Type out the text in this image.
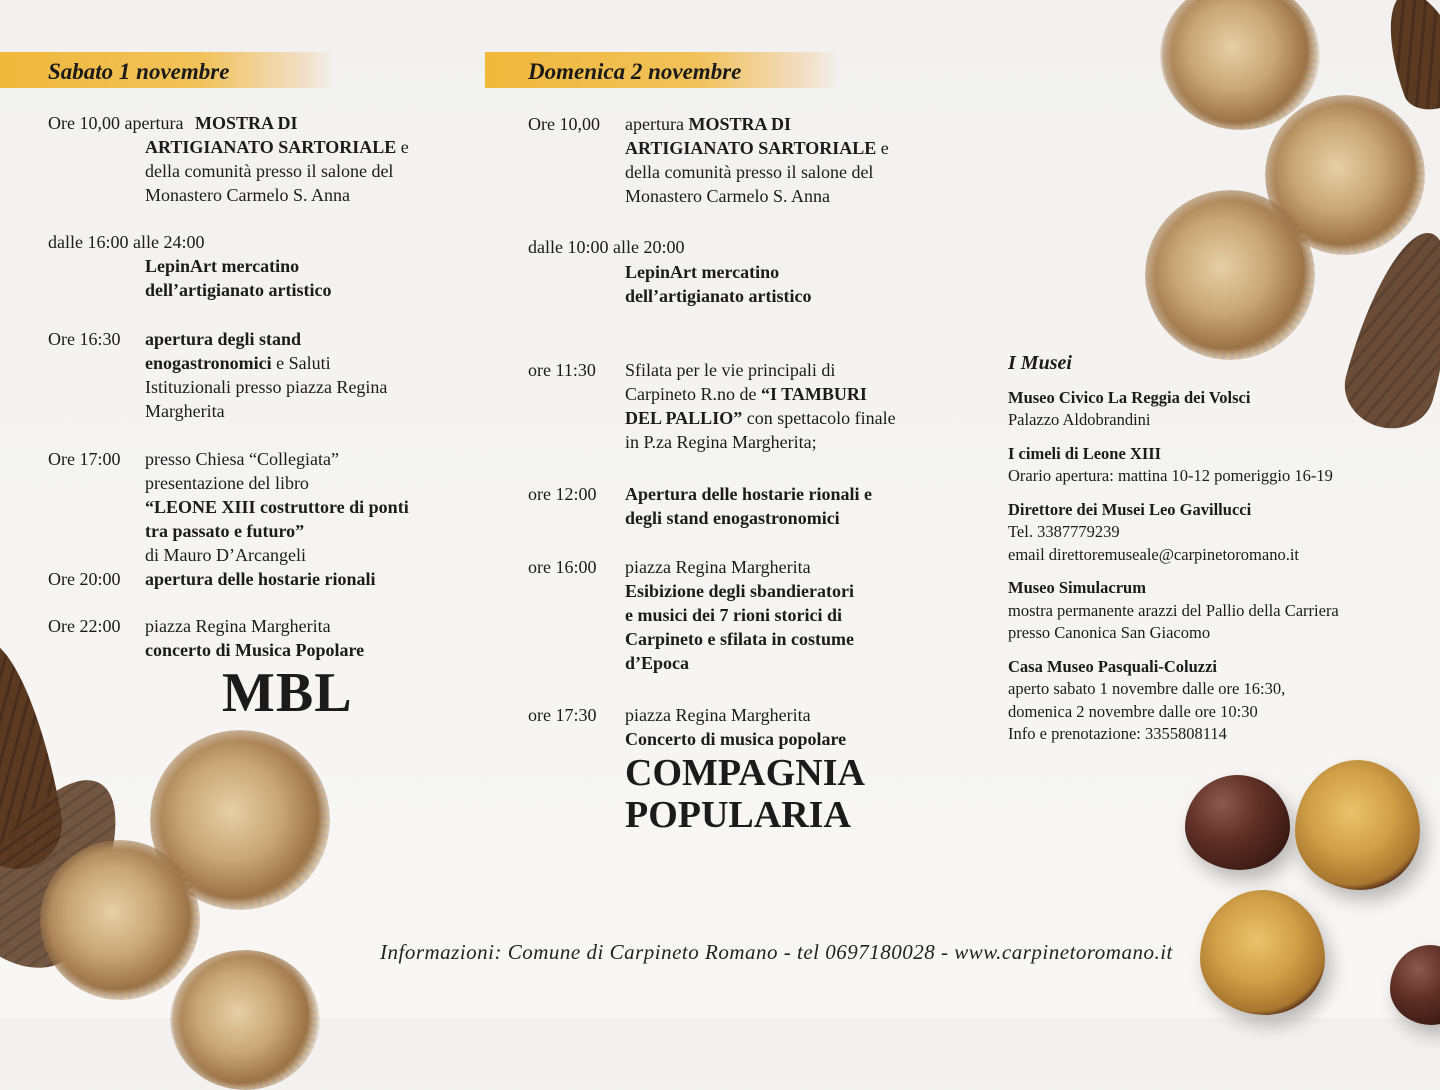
Sabato 1 novembre
Ore 10,00 apertura MOSTRA DI
ARTIGIANATO SARTORIALE e
della comunità presso il salone del
Monastero Carmelo S. Anna
dalle 16:00 alle 24:00
LepinArt mercatino
dell’artigianato artistico
Ore 16:30 apertura degli stand
enogastronomici e Saluti
Istituzionali presso piazza Regina
Margherita
Ore 17:00 presso Chiesa “Collegiata”
presentazione del libro
“LEONE XIII costruttore di ponti
tra passato e futuro”
di Mauro D’Arcangeli
Ore 20:00 apertura delle hostarie rionali
Ore 22:00 piazza Regina Margherita
concerto di Musica Popolare
MBL
Domenica 2 novembre
Ore 10,00 apertura MOSTRA DI
ARTIGIANATO SARTORIALE e
della comunità presso il salone del
Monastero Carmelo S. Anna
dalle 10:00 alle 20:00
LepinArt mercatino
dell’artigianato artistico
ore 11:30 Sfilata per le vie principali di
Carpineto R.no de “I TAMBURI
DEL PALLIO” con spettacolo finale
in P.za Regina Margherita;
ore 12:00 Apertura delle hostarie rionali e
degli stand enogastronomici
ore 16:00 piazza Regina Margherita
Esibizione degli sbandieratori
e musici dei 7 rioni storici di
Carpineto e sfilata in costume
d’Epoca
ore 17:30 piazza Regina Margherita
Concerto di musica popolare
COMPAGNIA
POPULARIA
I Musei
Museo Civico La Reggia dei Volsci
Palazzo Aldobrandini
I cimeli di Leone XIII
Orario apertura: mattina 10-12 pomeriggio 16-19
Direttore dei Musei Leo Gavillucci
Tel. 3387779239
email direttoremuseale@carpinetoromano.it
Museo Simulacrum
mostra permanente arazzi del Pallio della Carriera
presso Canonica San Giacomo
Casa Museo Pasquali-Coluzzi
aperto sabato 1 novembre dalle ore 16:30,
domenica 2 novembre dalle ore 10:30
Info e prenotazione: 3355808114
Informazioni: Comune di Carpineto Romano - tel 0697180028 - www.carpinetoromano.it
